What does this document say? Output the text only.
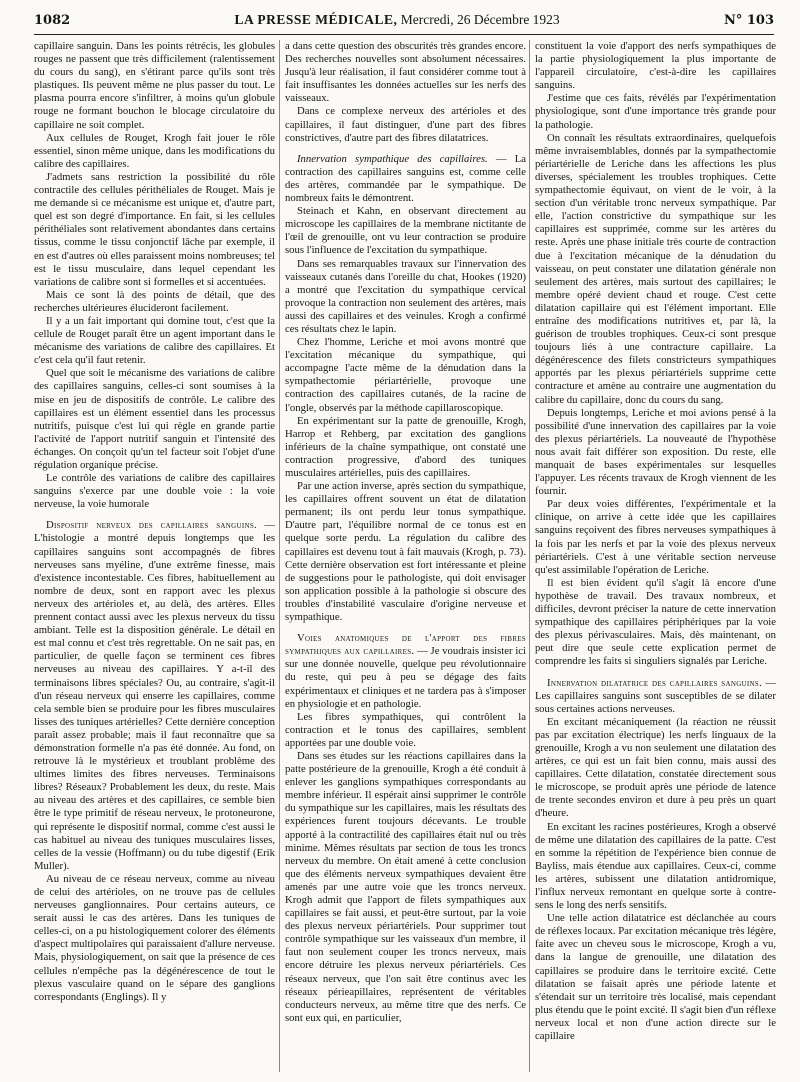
1082	LA PRESSE MÉDICALE, Mercredi, 26 Décembre 1923	N° 103

capillaire sanguin. Dans les points rétrécis, les globules rouges ne passent que très difficilement (ralentissement du cours du sang), en s'étirant parce qu'ils sont très plastiques. Ils peuvent même ne plus passer du tout. Le plasma pourra encore s'infiltrer, à moins qu'un globule rouge ne formant bouchon le blocage circulatoire du capillaire ne soit complet.

Aux cellules de Rouget, Krogh fait jouer le rôle essentiel, sinon même unique, dans les modifications du calibre des capillaires.

J'admets sans restriction la possibilité du rôle contractile des cellules périthéliales de Rouget. Mais je me demande si ce mécanisme est unique et, d'autre part, quel est son degré d'importance. En fait, si les cellules périthéliales sont relativement abondantes dans certains tissus, comme le tissu conjonctif lâche par exemple, il en est d'autres où elles paraissent moins nombreuses; tel est le tissu musculaire, dans lequel cependant les variations de calibre sont si formelles et si accentuées.

Mais ce sont là des points de détail, que des recherches ultérieures élucideront facilement.

Il y a un fait important qui domine tout, c'est que la cellule de Rouget paraît être un agent important dans le mécanisme des variations de calibre des capillaires. Et c'est cela qu'il faut retenir.

Quel que soit le mécanisme des variations de calibre des capillaires sanguins, celles-ci sont soumises à la mise en jeu de dispositifs de contrôle. Le calibre des capillaires est un élément essentiel dans les processus nutritifs, puisque c'est lui qui règle en grande partie l'activité de l'apport nutritif sanguin et l'intensité des échanges. On conçoit qu'un tel facteur soit l'objet d'une régulation organique précise.

Le contrôle des variations de calibre des capillaires sanguins s'exerce par une double voie : la voie nerveuse, la voie humorale

Dispositif nerveux des capillaires sanguins. — L'histologie a montré depuis longtemps que les capillaires sanguins sont accompagnés de fibres nerveuses sans myéline, d'une extrême finesse, mais d'existence incontestable. Ces fibres, habituellement au nombre de deux, sont en rapport avec les plexus nerveux des artérioles et, au delà, des artères. Elles prennent contact aussi avec les plexus nerveux du tissu ambiant. Telle est la disposition générale. Le détail en est mal connu et c'est très regrettable. On ne sait pas, en particulier, de quelle façon se terminent ces fibres nerveuses au niveau des capillaires. Y a-t-il des terminaisons libres spéciales? Ou, au contraire, s'agit-il d'un réseau nerveux qui enserre les capillaires, comme cela semble bien se produire pour les fibres musculaires lisses des tuniques artérielles? Cette dernière conception paraît assez probable; mais il faut reconnaître que sa démonstration formelle n'a pas été donnée. Au fond, on retrouve là le mystérieux et troublant problème des ultimes limites des fibres nerveuses. Terminaisons libres? Réseaux? Probablement les deux, du reste. Mais au niveau des artères et des capillaires, ce semble bien être le type primitif de réseau nerveux, le protoneurone, qui représente le dispositif normal, comme c'est aussi le cas habituel au niveau des tuniques musculaires lisses, celles de la vessie (Hoffmann) ou du tube digestif (Erik Muller).

Au niveau de ce réseau nerveux, comme au niveau de celui des artérioles, on ne trouve pas de cellules nerveuses ganglionnaires. Pour certains auteurs, ce serait aussi le cas des artères. Dans les tuniques de celles-ci, on a pu histologiquement colorer des éléments d'aspect multipolaires qui paraissaient d'allure nerveuse. Mais, physiologiquement, on sait que la présence de ces cellules n'empêche pas la dégénérescence de tout le plexus vasculaire quand on le sépare des ganglions correspondants (Englings). Il y

a dans cette question des obscurités très grandes encore. Des recherches nouvelles sont absolument nécessaires. Jusqu'à leur réalisation, il faut considérer comme tout à fait insuffisantes les données actuelles sur les nerfs des vaisseaux.

Dans ce complexe nerveux des artérioles et des capillaires, il faut distinguer, d'une part des fibres constrictives, d'autre part des fibres dilatatrices.

Innervation sympathique des capillaires. — La contraction des capillaires sanguins est, comme celle des artères, commandée par le sympathique. De nombreux faits le démontrent.

Steinach et Kahn, en observant directement au microscope les capillaires de la membrane nictitante de l'œil de grenouille, ont vu leur contraction se produire sous l'influence de l'excitation du sympathique.

Dans ses remarquables travaux sur l'innervation des vaisseaux cutanés dans l'oreille du chat, Hookes (1920) a montré que l'excitation du sympathique cervical provoque la contraction non seulement des artères, mais aussi des capillaires et des veinules. Krogh a confirmé ces résultats chez le lapin.

Chez l'homme, Leriche et moi avons montré que l'excitation mécanique du sympathique, qui accompagne l'acte même de la dénudation dans la sympathectomie périartérielle, provoque une contraction des capillaires cutanés, de la racine de l'ongle, observés par la méthode capillaroscopique.

En expérimentant sur la patte de grenouille, Krogh, Harrop et Rehberg, par excitation des ganglions inférieurs de la chaîne sympathique, ont constaté une contraction progressive, d'abord des tuniques musculaires artérielles, puis des capillaires.

Par une action inverse, après section du sympathique, les capillaires offrent souvent un état de dilatation permanent; ils ont perdu leur tonus sympathique. D'autre part, l'équilibre normal de ce tonus est en quelque sorte perdu. La régulation du calibre des capillaires est devenu tout à fait mauvais (Krogh, p. 73). Cette dernière observation est fort intéressante et pleine de suggestions pour le pathologiste, qui doit envisager son application possible à la pathologie si obscure des troubles d'instabilité vasculaire d'origine nerveuse et sympathique.

Voies anatomiques de l'apport des fibres sympathiques aux capillaires. — Je voudrais insister ici sur une donnée nouvelle, quelque peu révolutionnaire du reste, qui peu à peu se dégage des faits expérimentaux et cliniques et ne tardera pas à s'imposer en physiologie et en pathologie.

Les fibres sympathiques, qui contrôlent la contraction et le tonus des capillaires, semblent apportées par une double voie.

Dans ses études sur les réactions capillaires dans la patte postérieure de la grenouille, Krogh a été conduit à enlever les ganglions sympathiques correspondants au membre inférieur. Il espérait ainsi supprimer le contrôle du sympathique sur les capillaires, mais les résultats des expériences furent toujours décevants. Le trouble apporté à la contractilité des capillaires était nul ou très minime. Mêmes résultats par section de tous les troncs nerveux du membre. On était amené à cette conclusion que des éléments nerveux sympathiques devaient être amenés par une autre voie que les troncs nerveux. Krogh admit que l'apport de filets sympathiques aux capillaires se fait aussi, et peut-être surtout, par la voie des plexus nerveux périartériels. Pour supprimer tout contrôle sympathique sur les vaisseaux d'un membre, il faut non seulement couper les troncs nerveux, mais encore détruire les plexus nerveux périartériels. Ces réseaux nerveux, que l'on sait être continus avec les réseaux périeapillaires, représentent de véritables conducteurs nerveux, au même titre que des nerfs. Ce sont eux qui, en particulier,

constituent la voie d'apport des nerfs sympathiques de la partie physiologiquement la plus importante de l'appareil circulatoire, c'est-à-dire les capillaires sanguins.

J'estime que ces faits, révélés par l'expérimentation physiologique, sont d'une importance très grande pour la pathologie.

On connaît les résultats extraordinaires, quelquefois même invraisemblables, donnés par la sympathectomie périartérielle de Leriche dans les affections les plus diverses, spécialement les troubles trophiques. Cette sympathectomie équivaut, on vient de le voir, à la section d'un véritable tronc nerveux sympathique. Par elle, l'action constrictive du sympathique sur les capillaires est supprimée, comme sur les artères du reste. Après une phase initiale très courte de contraction due à l'excitation mécanique de la dénudation du vaisseau, on peut constater une dilatation générale non seulement des artères, mais surtout des capillaires; le membre opéré devient chaud et rouge. C'est cette dilatation capillaire qui est l'élément important. Elle entraîne des modifications nutritives et, par là, la guérison de troubles trophiques. Ceux-ci sont presque toujours liés à une contracture capillaire. La dégénérescence des filets constricteurs sympathiques apportés par les plexus périartériels supprime cette contracture et amène au contraire une augmentation du calibre du capillaire, donc du cours du sang.

Depuis longtemps, Leriche et moi avions pensé à la possibilité d'une innervation des capillaires par la voie des plexus périartériels. La nouveauté de l'hypothèse nous avait fait différer son exposition. Du reste, elle manquait de bases expérimentales sur lesquelles l'appuyer. Les récents travaux de Krogh viennent de les fournir.

Par deux voies différentes, l'expérimentale et la clinique, on arrive à cette idée que les capillaires sanguins reçoivent des fibres nerveuses sympathiques à la fois par les nerfs et par la voie des plexus nerveux périartériels. C'est à une véritable section nerveuse qu'est assimilable l'opération de Leriche.

Il est bien évident qu'il s'agit là encore d'une hypothèse de travail. Des travaux nombreux, et difficiles, devront préciser la nature de cette innervation sympathique des capillaires périphériques par la voie des plexus périvasculaires. Mais, dès maintenant, on peut dire que seule cette explication permet de comprendre les faits si singuliers signalés par Leriche.

Innervation dilatatrice des capillaires sanguins. — Les capillaires sanguins sont susceptibles de se dilater sous certaines actions nerveuses.

En excitant mécaniquement (la réaction ne réussit pas par excitation électrique) les nerfs linguaux de la grenouille, Krogh a vu non seulement une dilatation des artères, ce qui est un fait bien connu, mais aussi des capillaires. Cette dilatation, constatée directement sous le microscope, se produit après une période de latence de trente secondes environ et dure à peu près un quart d'heure.

En excitant les racines postérieures, Krogh a observé de même une dilatation des capillaires de la patte. C'est en somme la répétition de l'expérience bien connue de Bayliss, mais étendue aux capillaires. Ceux-ci, comme les artères, subissent une dilatation antidromique, l'influx nerveux remontant en quelque sorte à contre-sens le long des nerfs sensitifs.

Une telle action dilatatrice est déclanchée au cours de réflexes locaux. Par excitation mécanique très légère, faite avec un cheveu sous le microscope, Krogh a vu, dans la langue de grenouille, une dilatation des capillaires se produire dans le territoire excité. Cette dilatation se faisait après une période latente et s'étendait sur un territoire très localisé, mais cependant plus étendu que le point excité. Il s'agit bien d'un réflexe nerveux local et non d'une action directe sur le capillaire
